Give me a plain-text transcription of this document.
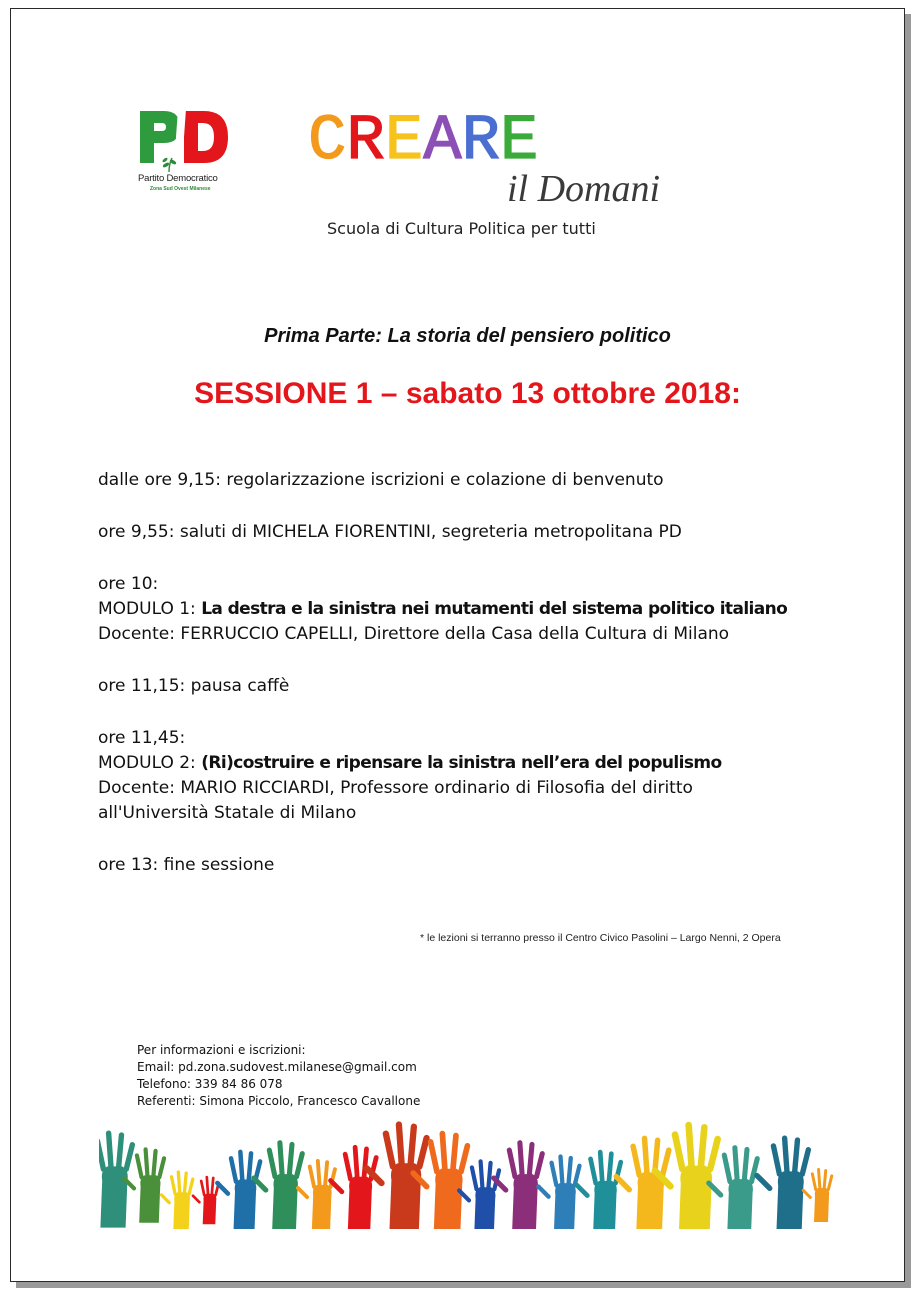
Partito Democratico
Zona Sud Ovest Milanese
CREARE
il Domani
Scuola di Cultura Politica per tutti
Prima Parte: La storia del pensiero politico
SESSIONE 1 – sabato 13 ottobre 2018:
dalle ore 9,15: regolarizzazione iscrizioni e colazione di benvenuto
ore 9,55: saluti di MICHELA FIORENTINI, segreteria metropolitana PD
ore 10:
MODULO 1: La destra e la sinistra nei mutamenti del sistema politico italiano
Docente: FERRUCCIO CAPELLI, Direttore della Casa della Cultura di Milano
ore 11,15: pausa caffè
ore 11,45:
MODULO 2: (Ri)costruire e ripensare la sinistra nell’era del populismo
Docente: MARIO RICCIARDI, Professore ordinario di Filosofia del diritto
all'Università Statale di Milano
ore 13: fine sessione
* le lezioni si terranno presso il Centro Civico Pasolini – Largo Nenni, 2 Opera
Per informazioni e iscrizioni:
Email: pd.zona.sudovest.milanese@gmail.com
Telefono: 339 84 86 078
Referenti: Simona Piccolo, Francesco Cavallone
